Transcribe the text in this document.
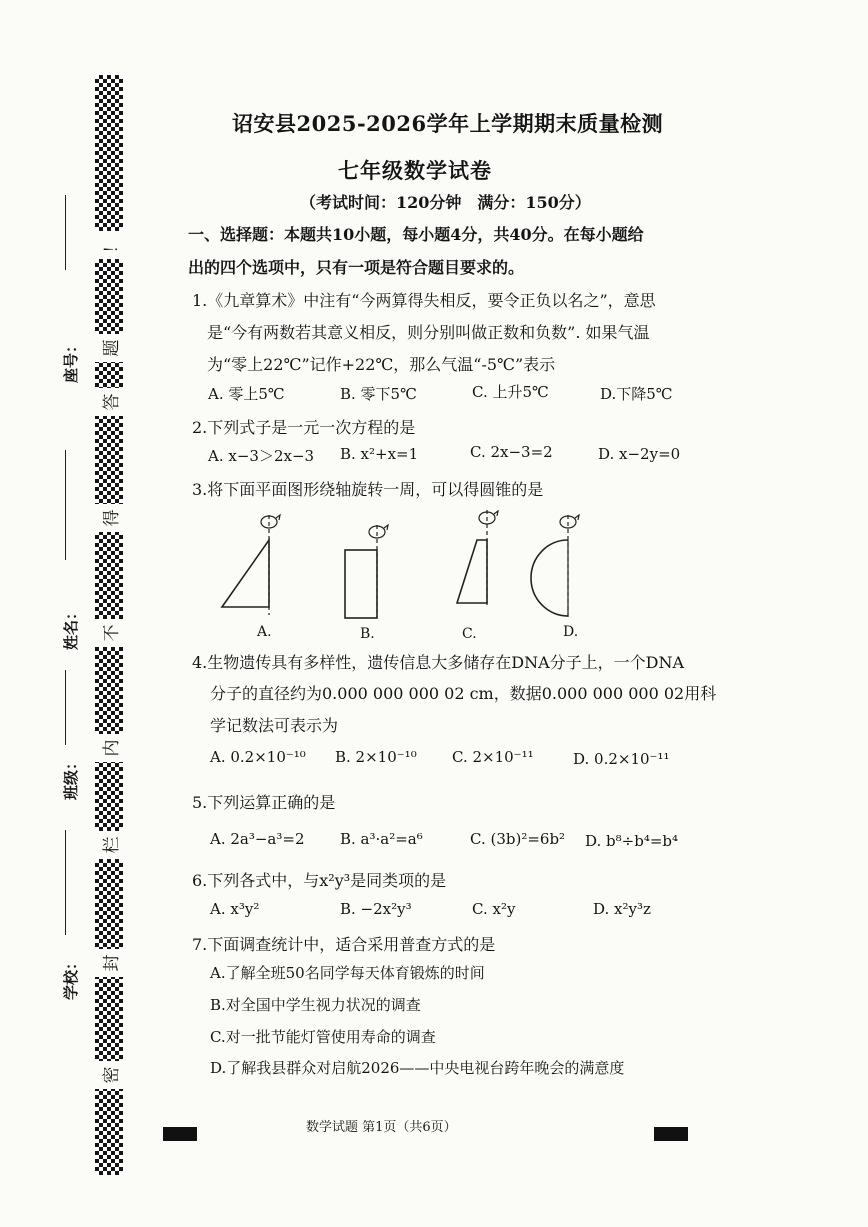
！
题
答
得
不
内
栏
封
密
座号：
姓名：
班级：
学校：
诏安县2025-2026学年上学期期末质量检测
七年级数学试卷
（考试时间：120分钟　满分：150分）
一、选择题：本题共10小题，每小题4分，共40分。在每小题给
出的四个选项中，只有一项是符合题目要求的。
1.《九章算术》中注有“今两算得失相反，要令正负以名之”，意思
是“今有两数若其意义相反，则分别叫做正数和负数”. 如果气温
为“零上22℃”记作+22℃，那么气温“-5℃”表示
A. 零上5℃	B. 零下5℃	C. 上升5℃	D.下降5℃
2.下列式子是一元一次方程的是
A. x−3＞2x−3 B. x²+x=1	C. 2x−3=2	D. x−2y=0
3.将下面平面图形绕轴旋转一周，可以得圆锥的是
A.	B.	C.	D.
4.生物遗传具有多样性，遗传信息大多储存在DNA分子上，一个DNA
分子的直径约为0.000 000 000 02 cm，数据0.000 000 000 02用科
学记数法可表示为
A. 0.2×10⁻¹⁰ B. 2×10⁻¹⁰ C. 2×10⁻¹¹	D. 0.2×10⁻¹¹
5.下列运算正确的是
A. 2a³−a³=2 B. a³·a²=a⁶	C. (3b)²=6b² D. b⁸÷b⁴=b⁴
6.下列各式中，与x²y³是同类项的是
A. x³y²	B. −2x²y³	C. x²y	D. x²y³z
7.下面调查统计中，适合采用普查方式的是
A.了解全班50名同学每天体育锻炼的时间
B.对全国中学生视力状况的调查
C.对一批节能灯管使用寿命的调查
D.了解我县群众对启航2026——中央电视台跨年晚会的满意度
数学试题 第1页（共6页）
